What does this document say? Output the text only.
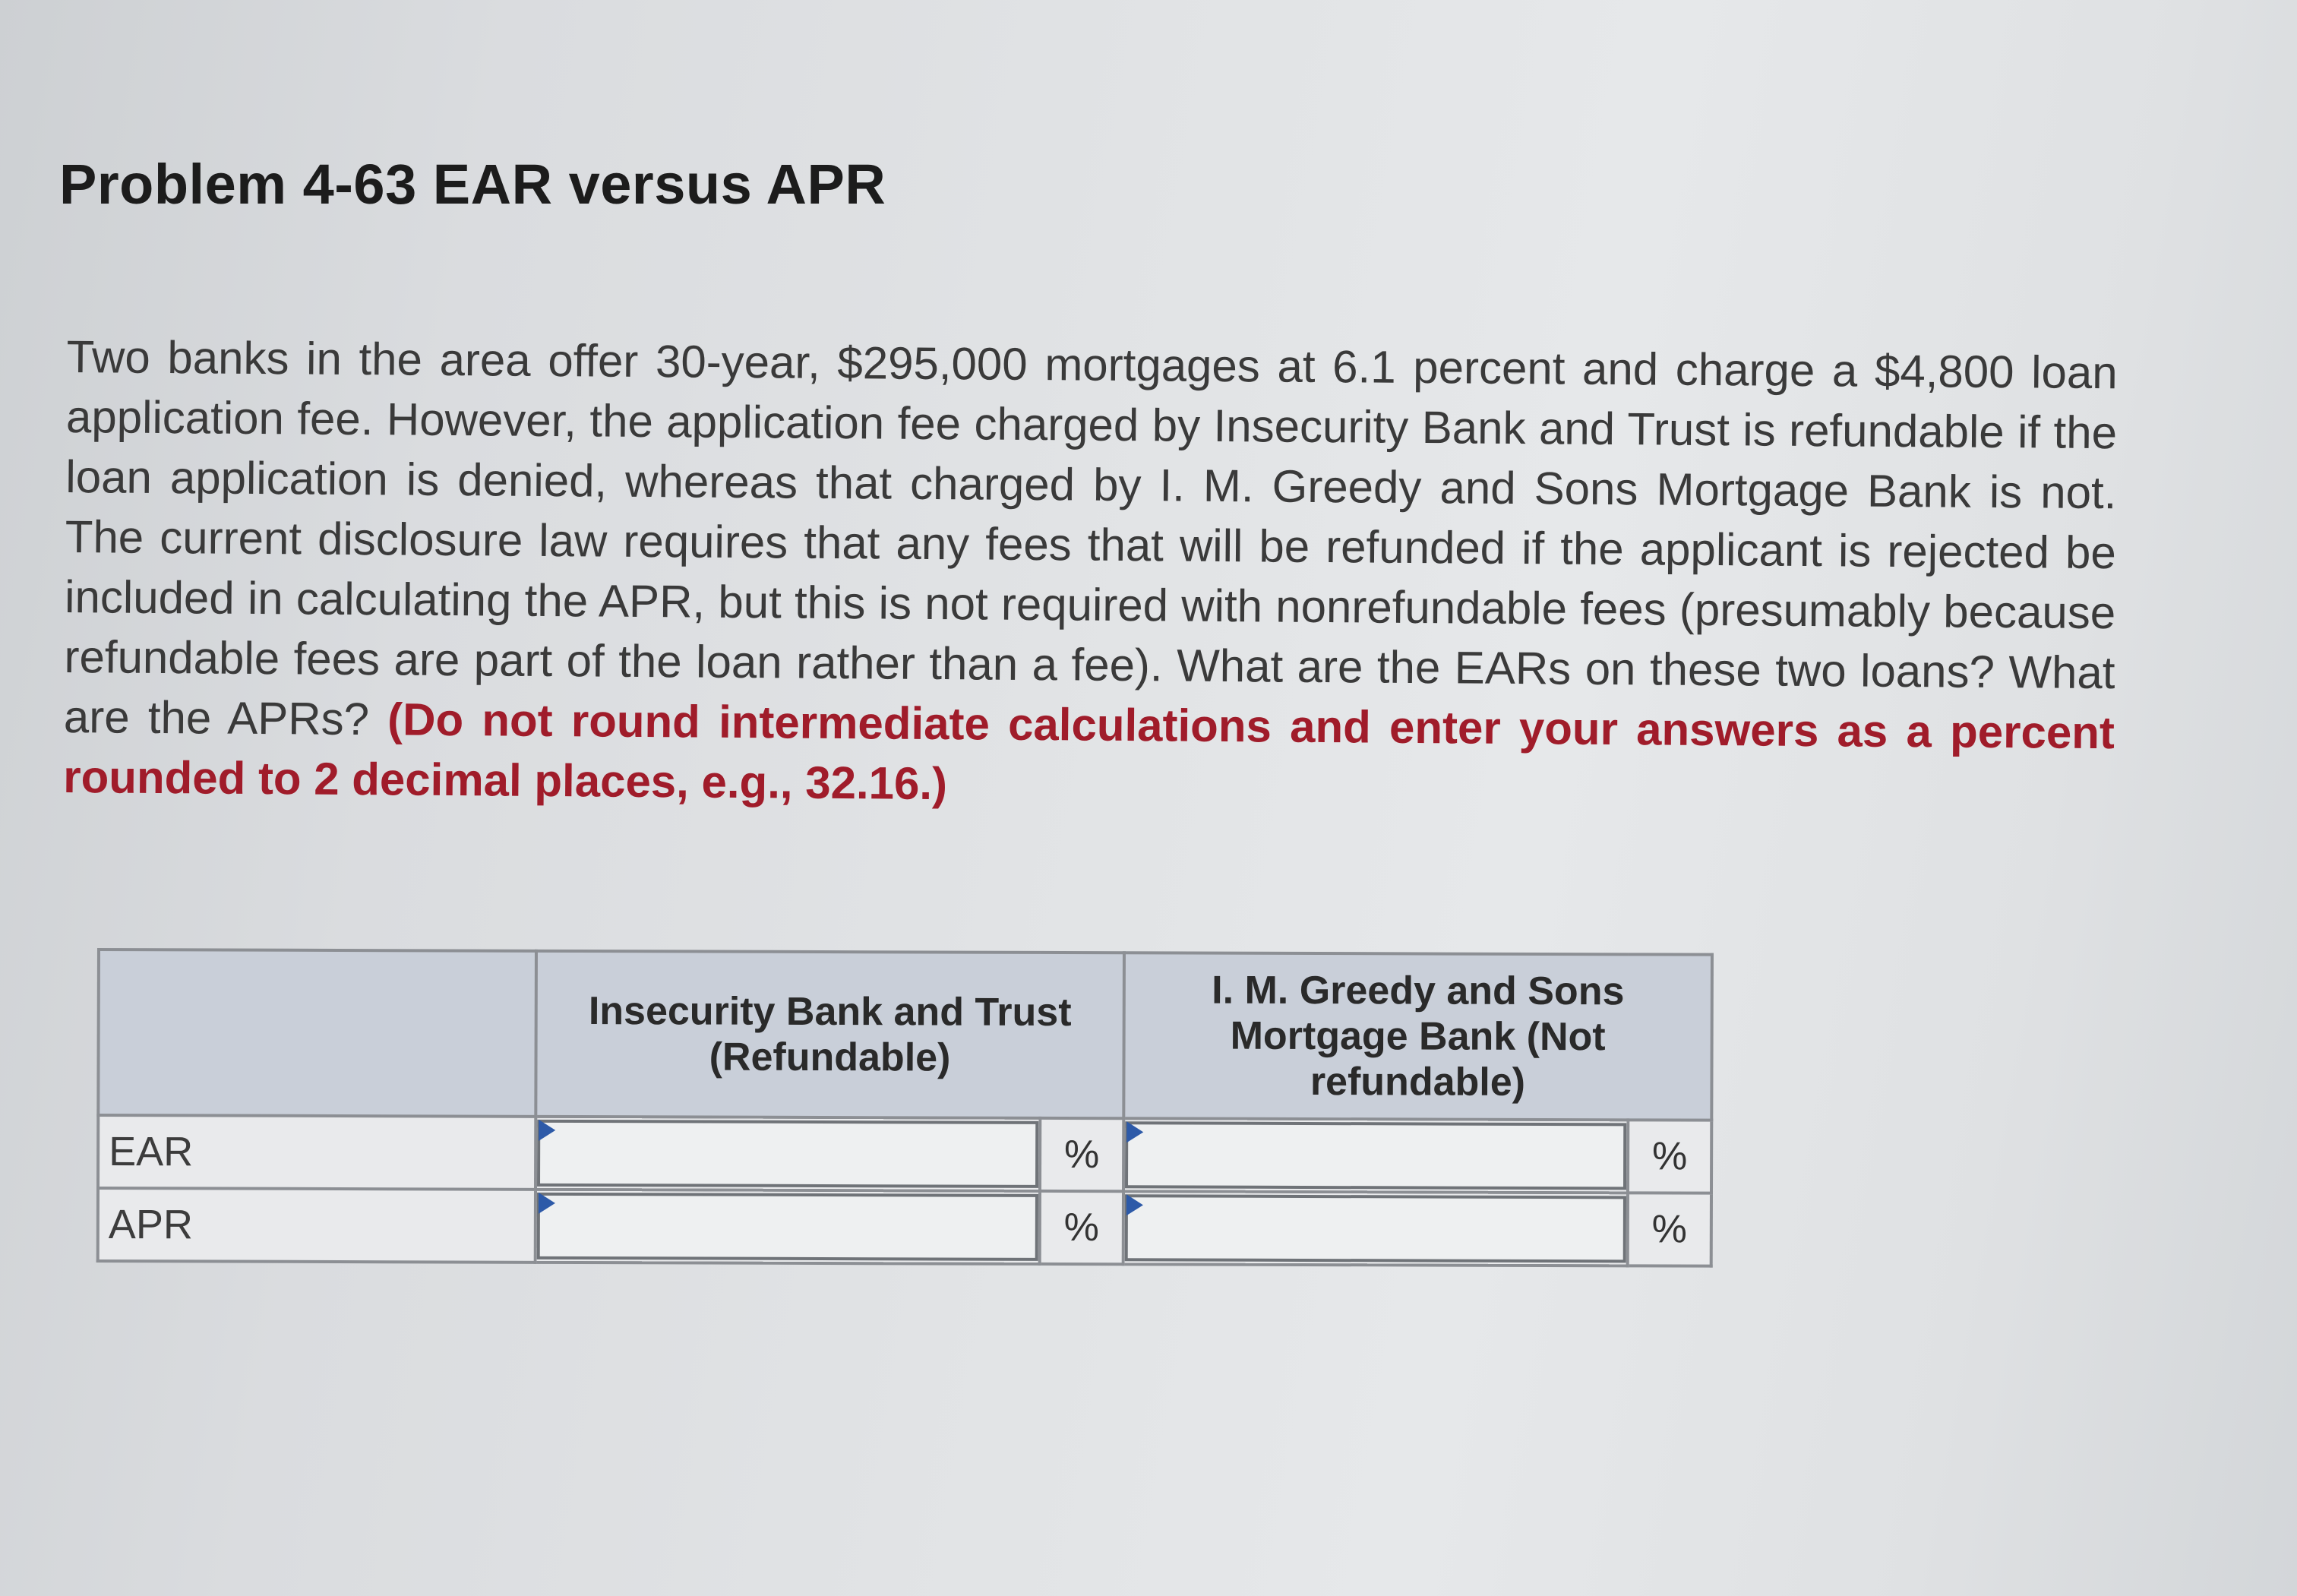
Problem 4-63 EAR versus APR
Two banks in the area offer 30-year, $295,000 mortgages at 6.1 percent and charge a $4,800 loan application fee. However, the application fee charged by Insecurity Bank and Trust is refundable if the loan application is denied, whereas that charged by I. M. Greedy and Sons Mortgage Bank is not. The current disclosure law requires that any fees that will be refunded if the applicant is rejected be included in calculating the APR, but this is not required with nonrefundable fees (presumably because refundable fees are part of the loan rather than a fee). What are the EARs on these two loans? What are the APRs? (Do not round intermediate calculations and enter your answers as a percent rounded to 2 decimal places, e.g., 32.16.)
	Insecurity Bank and Trust (Refundable)		I. M. Greedy and Sons Mortgage Bank (Not refundable)	
EAR		%		%
APR		%		%
